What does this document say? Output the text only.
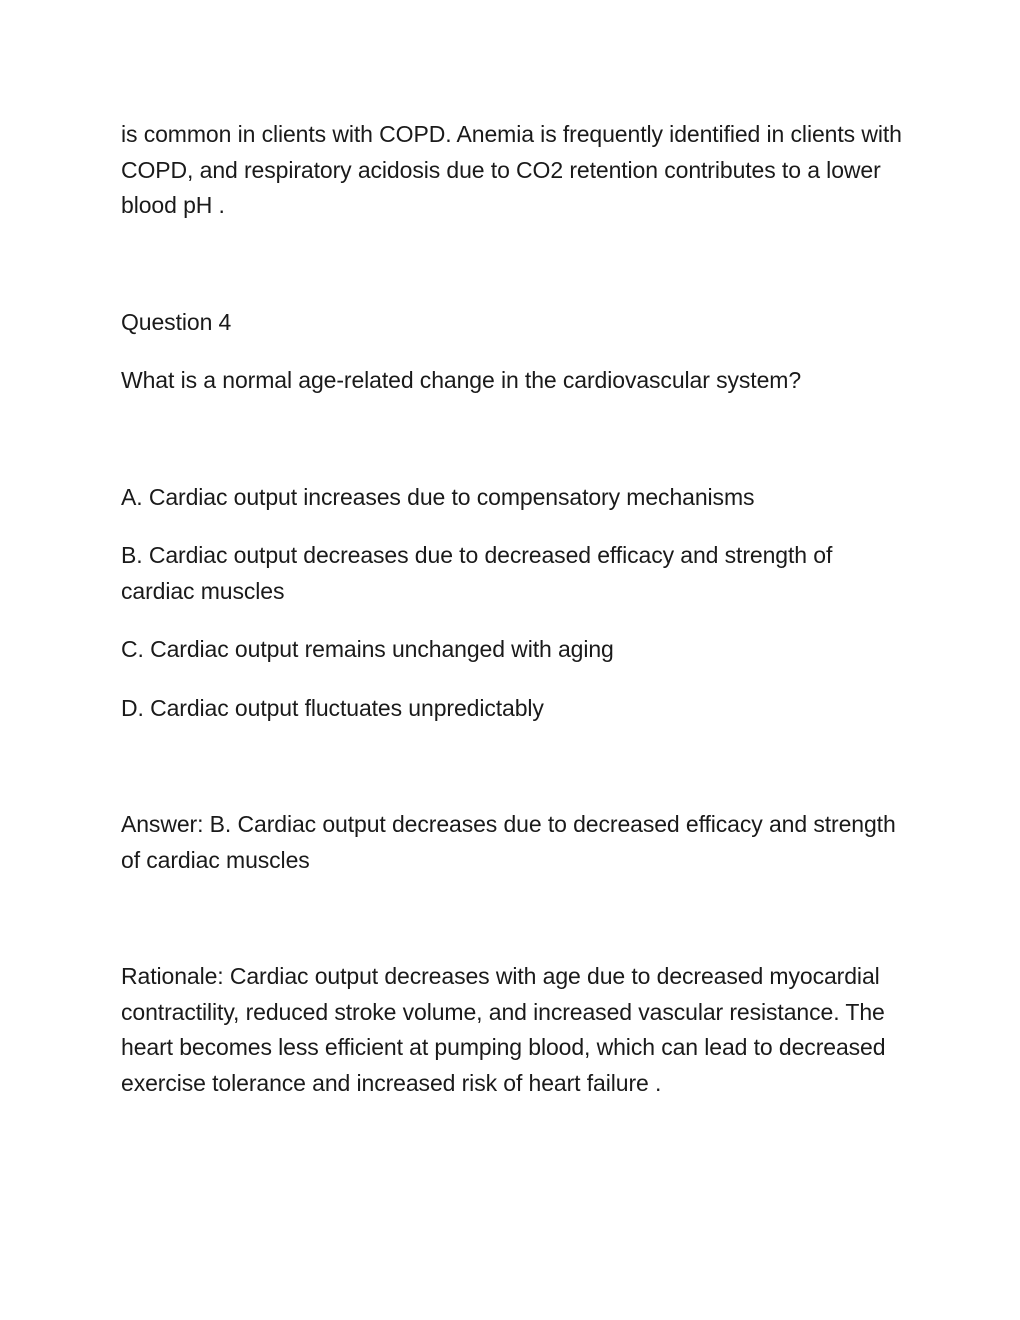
is common in clients with COPD. Anemia is frequently identified in clients with COPD, and respiratory acidosis due to CO2 retention contributes to a lower blood pH .

Question 4

What is a normal age-related change in the cardiovascular system?

A. Cardiac output increases due to compensatory mechanisms

B. Cardiac output decreases due to decreased efficacy and strength of cardiac muscles

C. Cardiac output remains unchanged with aging

D. Cardiac output fluctuates unpredictably

Answer: B. Cardiac output decreases due to decreased efficacy and strength of cardiac muscles

Rationale: Cardiac output decreases with age due to decreased myocardial contractility, reduced stroke volume, and increased vascular resistance. The heart becomes less efficient at pumping blood, which can lead to decreased exercise tolerance and increased risk of heart failure .
